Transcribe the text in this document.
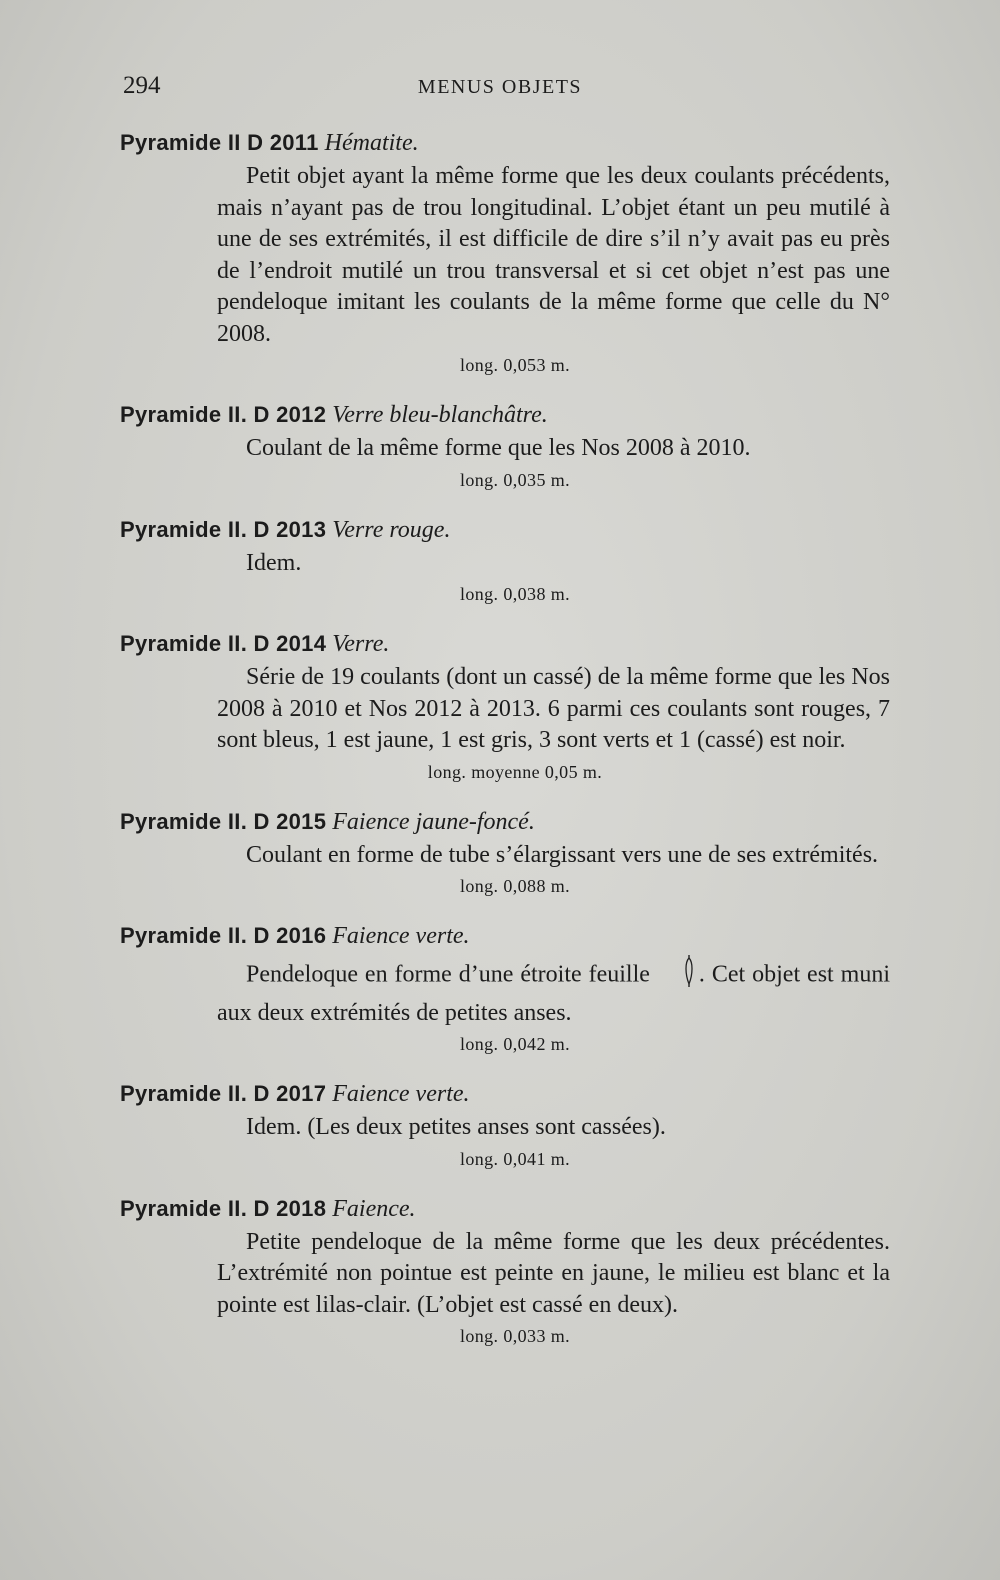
294	MENUS OBJETS
Pyramide II D 2011 Hématite.
Petit objet ayant la même forme que les deux coulants précédents, mais n’ayant pas de trou longitudinal. L’objet étant un peu mutilé à une de ses extrémités, il est difficile de dire s’il n’y avait pas eu près de l’endroit mutilé un trou transversal et si cet objet n’est pas une pendeloque imitant les coulants de la même forme que celle du N° 2008.
long. 0,053 m.
Pyramide II. D 2012 Verre bleu-blanchâtre.
Coulant de la même forme que les Nos 2008 à 2010.
long. 0,035 m.
Pyramide II. D 2013 Verre rouge.
Idem.
long. 0,038 m.
Pyramide II. D 2014 Verre.
Série de 19 coulants (dont un cassé) de la même forme que les Nos 2008 à 2010 et Nos 2012 à 2013. 6 parmi ces coulants sont rouges, 7 sont bleus, 1 est jaune, 1 est gris, 3 sont verts et 1 (cassé) est noir.
long. moyenne 0,05 m.
Pyramide II. D 2015 Faience jaune-foncé.
Coulant en forme de tube s’élargissant vers une de ses extrémités.
long. 0,088 m.
Pyramide II. D 2016 Faience verte.
Pendeloque en forme d’une étroite feuille . Cet objet est muni aux deux extrémités de petites anses.
long. 0,042 m.
Pyramide II. D 2017 Faience verte.
Idem. (Les deux petites anses sont cassées).
long. 0,041 m.
Pyramide II. D 2018 Faience.
Petite pendeloque de la même forme que les deux précédentes. L’extrémité non pointue est peinte en jaune, le milieu est blanc et la pointe est lilas-clair. (L’objet est cassé en deux).
long. 0,033 m.
